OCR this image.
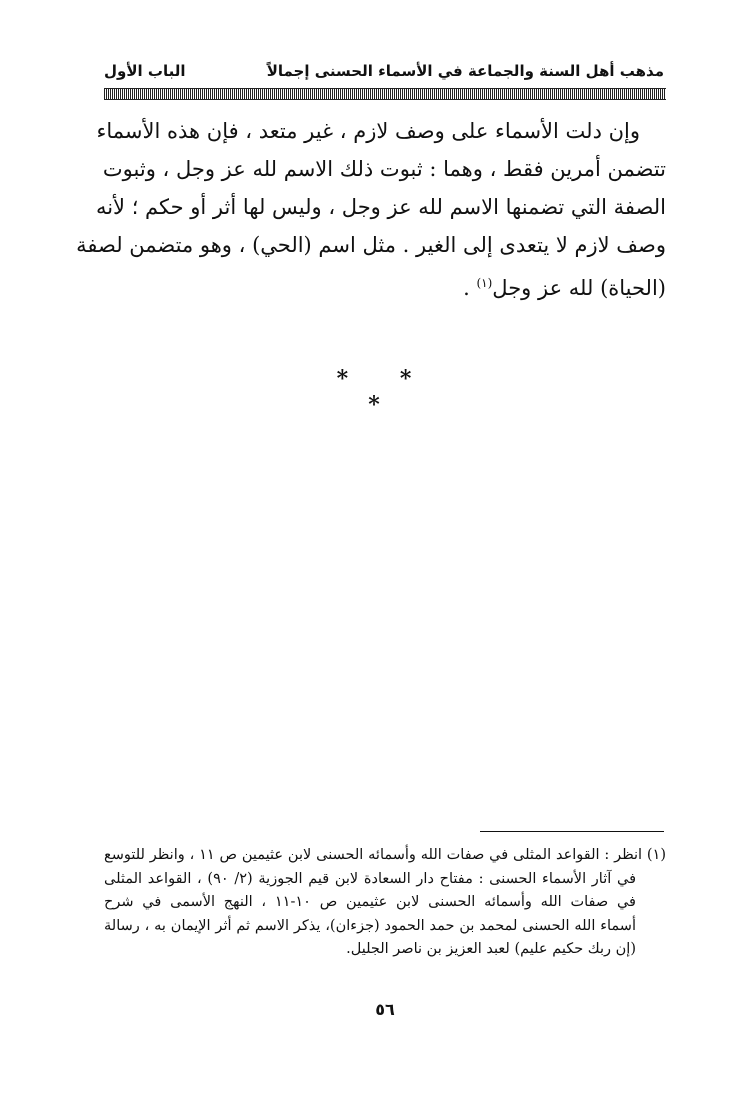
مذهب أهل السنة والجماعة في الأسماء الحسنى إجمالاً
الباب الأول
وإن دلت الأسماء على وصف لازم ، غير متعد ، فإن هذه الأسماء
تتضمن أمرين فقط ، وهما : ثبوت ذلك الاسم لله عز وجل ، وثبوت
الصفة التي تضمنها الاسم لله عز وجل ، وليس لها أثر أو حكم ؛ لأنه
وصف لازم لا يتعدى إلى الغير . مثل اسم (الحي) ، وهو متضمن لصفة
(الحياة) لله عز وجل$^{(١)}$ .
* * *
(١) انظر : القواعد المثلى في صفات الله وأسمائه الحسنى لابن عثيمين ص ١١ ، وانظر للتوسع
في آثار الأسماء الحسنى : مفتاح دار السعادة لابن قيم الجوزية (٢/ ٩٠) ، القواعد المثلى
في صفات الله وأسمائه الحسنى لابن عثيمين ص ١٠-١١ ، النهج الأسمى في شرح
أسماء الله الحسنى لمحمد بن حمد الحمود (جزءان)، يذكر الاسم ثم أثر الإيمان به ، رسالة
(إن ربك حكيم عليم) لعبد العزيز بن ناصر الجليل.
٥٦
